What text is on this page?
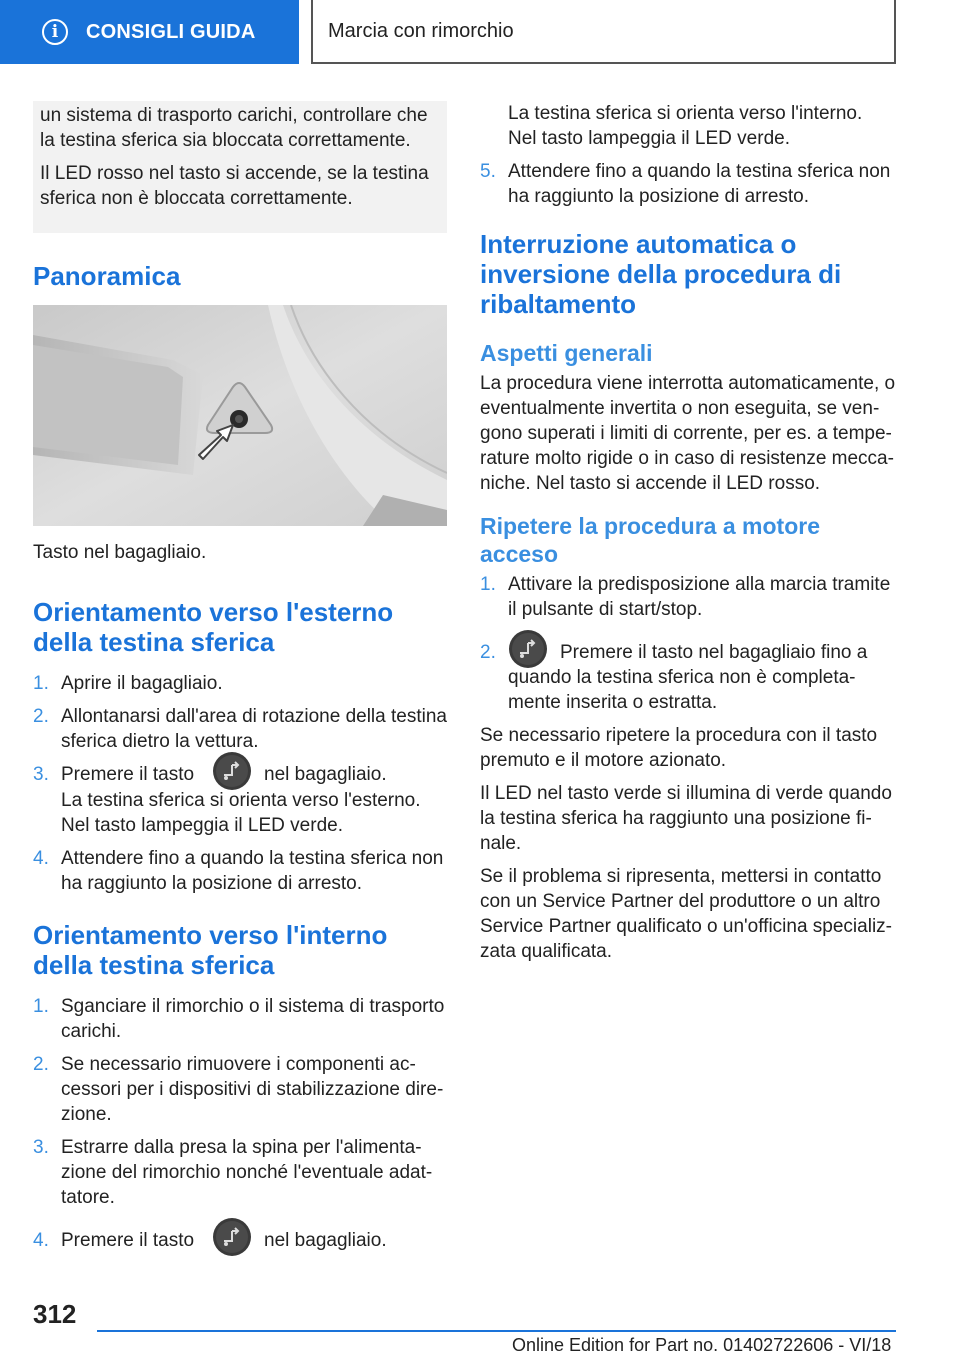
i	CONSIGLI GUIDA	Marcia con rimorchio

un sistema di trasporto carichi, controllare che la testina sferica sia bloccata correttamente.

Il LED rosso nel tasto si accende, se la testina sferica non è bloccata correttamente.

Panoramica

Tasto nel bagagliaio.

Orientamento verso l'esterno della testina sferica
1. Aprire il bagagliaio.
2. Allontanarsi dall'area di rotazione della testina sferica dietro la vettura.
3. Premere il tasto	nel bagagliaio.

La testina sferica si orienta verso l'esterno. Nel tasto lampeggia il LED verde.

4. Attendere fino a quando la testina sferica non ha raggiunto la posizione di arresto.
Orientamento verso l'interno della testina sferica
1. Sganciare il rimorchio o il sistema di trasporto carichi.
2. Se necessario rimuovere i componenti accessori per i dispositivi di stabilizzazione direzione.
3. Estrarre dalla presa la spina per l'alimentazione del rimorchio nonché l'eventuale adattatore.
4. Premere il tasto	nel bagagliaio.

La testina sferica si orienta verso l'interno. Nel tasto lampeggia il LED verde.

5. Attendere fino a quando la testina sferica non ha raggiunto la posizione di arresto.
Interruzione automatica o inversione della procedura di ribaltamento
Aspetti generali

La procedura viene interrotta automaticamente, o eventualmente invertita o non eseguita, se vengono superati i limiti di corrente, per es. a temperature molto rigide o in caso di resistenze meccaniche. Nel tasto si accende il LED rosso.

Ripetere la procedura a motore acceso
1. Attivare la predisposizione alla marcia tramite il pulsante di start/stop.
2.	Premere il tasto nel bagagliaio fino a quando la testina sferica non è completamente inserita o estratta.

Se necessario ripetere la procedura con il tasto premuto e il motore azionato.

Il LED nel tasto verde si illumina di verde quando la testina sferica ha raggiunto una posizione finale.

Se il problema si ripresenta, mettersi in contatto con un Service Partner del produttore o un altro Service Partner qualificato o un'officina specializzata qualificata.

312
Online Edition for Part no. 01402722606 - VI/18
